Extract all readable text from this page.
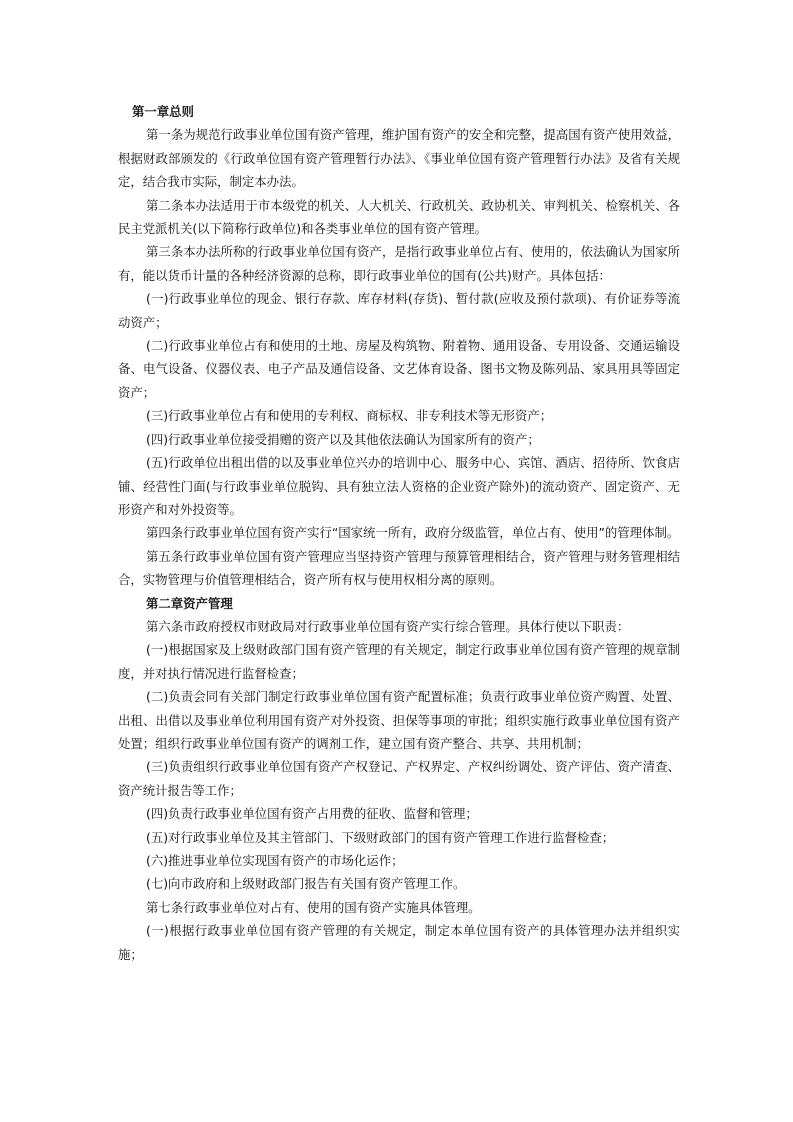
第一章总则

第一条为规范行政事业单位国有资产管理，维护国有资产的安全和完整，提高国有资产使用效益，根据财政部颁发的《行政单位国有资产管理暂行办法》、《事业单位国有资产管理暂行办法》及省有关规定，结合我市实际，制定本办法。

第二条本办法适用于市本级党的机关、人大机关、行政机关、政协机关、审判机关、检察机关、各民主党派机关(以下简称行政单位)和各类事业单位的国有资产管理。

第三条本办法所称的行政事业单位国有资产，是指行政事业单位占有、使用的，依法确认为国家所有，能以货币计量的各种经济资源的总称，即行政事业单位的国有(公共)财产。具体包括：

(一)行政事业单位的现金、银行存款、库存材料(存货)、暂付款(应收及预付款项)、有价证券等流动资产；

(二)行政事业单位占有和使用的土地、房屋及构筑物、附着物、通用设备、专用设备、交通运输设备、电气设备、仪器仪表、电子产品及通信设备、文艺体育设备、图书文物及陈列品、家具用具等固定资产；

(三)行政事业单位占有和使用的专利权、商标权、非专利技术等无形资产；

(四)行政事业单位接受捐赠的资产以及其他依法确认为国家所有的资产；

(五)行政单位出租出借的以及事业单位兴办的培训中心、服务中心、宾馆、酒店、招待所、饮食店铺、经营性门面(与行政事业单位脱钩、具有独立法人资格的企业资产除外)的流动资产、固定资产、无形资产和对外投资等。

第四条行政事业单位国有资产实行“国家统一所有，政府分级监管，单位占有、使用”的管理体制。

第五条行政事业单位国有资产管理应当坚持资产管理与预算管理相结合，资产管理与财务管理相结合，实物管理与价值管理相结合，资产所有权与使用权相分离的原则。

第二章资产管理

第六条市政府授权市财政局对行政事业单位国有资产实行综合管理。具体行使以下职责：

(一)根据国家及上级财政部门国有资产管理的有关规定，制定行政事业单位国有资产管理的规章制度，并对执行情况进行监督检查；

(二)负责会同有关部门制定行政事业单位国有资产配置标准；负责行政事业单位资产购置、处置、出租、出借以及事业单位利用国有资产对外投资、担保等事项的审批；组织实施行政事业单位国有资产处置；组织行政事业单位国有资产的调剂工作，建立国有资产整合、共享、共用机制；

(三)负责组织行政事业单位国有资产产权登记、产权界定、产权纠纷调处、资产评估、资产清查、资产统计报告等工作；

(四)负责行政事业单位国有资产占用费的征收、监督和管理；

(五)对行政事业单位及其主管部门、下级财政部门的国有资产管理工作进行监督检查；

(六)推进事业单位实现国有资产的市场化运作；

(七)向市政府和上级财政部门报告有关国有资产管理工作。

第七条行政事业单位对占有、使用的国有资产实施具体管理。

(一)根据行政事业单位国有资产管理的有关规定，制定本单位国有资产的具体管理办法并组织实施；
